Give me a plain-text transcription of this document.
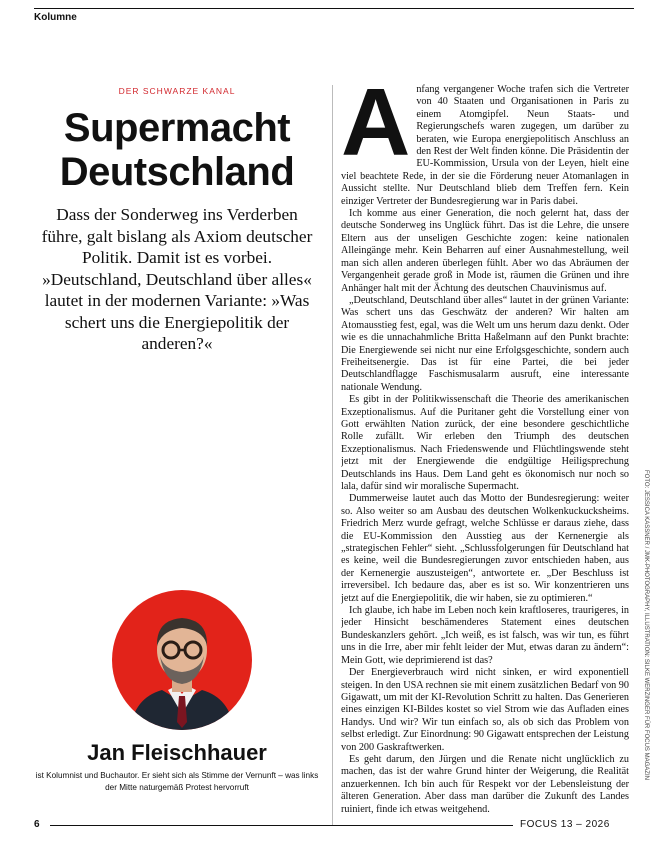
Kolumne
DER SCHWARZE KANAL
Supermacht
Deutschland
Dass der Sonderweg ins Verderben führe, galt bislang als Axiom deutscher Politik. Damit ist es vorbei. »Deutschland, Deutschland über alles« lautet in der modernen Variante: »Was schert uns die Energiepolitik der anderen?«
Jan Fleischhauer
ist Kolumnist und Buchautor. Er sieht sich als Stimme der Vernunft – was links der Mitte naturgemäß Protest hervorruft
A nfang vergangener Woche trafen sich die Vertreter von 40 Staaten und Organisationen in Paris zu einem Atomgipfel. Neun Staats- und Regierungschefs waren zugegen, um darüber zu beraten, wie Europa energiepolitisch Anschluss an den Rest der Welt finden könne. Die Präsidentin der EU-Kommission, Ursula von der Leyen, hielt eine viel beachtete Rede, in der sie die Förderung neuer Atomanlagen in Aussicht stellte. Nur Deutschland blieb dem Treffen fern. Kein einziger Vertreter der Bundesregierung war in Paris dabei.

Ich komme aus einer Generation, die noch gelernt hat, dass der deutsche Sonderweg ins Unglück führt. Das ist die Lehre, die unsere Eltern aus der unseligen Geschichte zogen: keine nationalen Alleingänge mehr. Kein Beharren auf einer Ausnahmestellung, weil man sich allen anderen überlegen fühlt. Aber wo das Abräumen der Vergangenheit gerade groß in Mode ist, räumen die Grünen und ihre Anhänger halt mit der Ächtung des deutschen Chauvinismus auf.

„Deutschland, Deutschland über alles“ lautet in der grünen Variante: Was schert uns das Geschwätz der anderen? Wir halten am Atomausstieg fest, egal, was die Welt um uns herum dazu denkt. Oder wie es die unnachahmliche Britta Haßelmann auf den Punkt brachte: Die Energiewende sei nicht nur eine Erfolgsgeschichte, sondern auch Freiheitsenergie. Das ist für eine Partei, die bei jeder Deutschlandflagge Faschismusalarm ausruft, eine interessante nationale Wendung.

Es gibt in der Politikwissenschaft die Theorie des amerikanischen Exzeptionalismus. Auf die Puritaner geht die Vorstellung einer von Gott erwählten Nation zurück, der eine besondere geschichtliche Rolle zufällt. Wir erleben den Triumph des deutschen Exzeptionalismus. Nach Friedenswende und Flüchtlingswende steht jetzt mit der Energiewende die endgültige Heiligsprechung Deutschlands ins Haus. Dem Land geht es ökonomisch nur noch so lala, dafür sind wir moralische Supermacht.

Dummerweise lautet auch das Motto der Bundesregierung: weiter so. Also weiter so am Ausbau des deutschen Wolkenkuckucksheims. Friedrich Merz wurde gefragt, welche Schlüsse er daraus ziehe, dass die EU-Kommission den Ausstieg aus der Kernenergie als „strategischen Fehler“ sieht. „Schlussfolgerungen für Deutschland hat es keine, weil die Bundesregierungen zuvor entschieden haben, aus der Kernenergie auszusteigen“, antwortete er. „Der Beschluss ist irreversibel. Ich bedaure das, aber es ist so. Wir konzentrieren uns jetzt auf die Energiepolitik, die wir haben, sie zu optimieren.“

Ich glaube, ich habe im Leben noch kein kraftloseres, traurigeres, in jeder Hinsicht beschämenderes Statement eines deutschen Bundeskanzlers gehört. „Ich weiß, es ist falsch, was wir tun, es führt uns in die Irre, aber mir fehlt leider der Mut, etwas daran zu ändern“: Mein Gott, wie deprimierend ist das?

Der Energieverbrauch wird nicht sinken, er wird exponentiell steigen. In den USA rechnen sie mit einem zusätzlichen Bedarf von 90 Gigawatt, um mit der KI-Revolution Schritt zu halten. Das Generieren eines einzigen KI-Bildes kostet so viel Strom wie das Aufladen eines Handys. Und wir? Wir tun einfach so, als ob sich das Problem von selbst erledigt. Zur Einordnung: 90 Gigawatt entsprechen der Leistung von 200 Gaskraftwerken.

Es geht darum, den Jürgen und die Renate nicht unglücklich zu machen, das ist der wahre Grund hinter der Weigerung, die Realität anzuerkennen. Ich bin auch für Respekt vor der Lebensleistung der älteren Generation. Aber dass man darüber die Zukunft des Landes ruiniert, finde ich etwas weitgehend.

FOTO: JESSICA KASSNER / JMK-PHOTOGRAPHY, ILLUSTRATION: SILKE WERZINGER FÜR FOCUS MAGAZIN
6	FOCUS 13 – 2026
